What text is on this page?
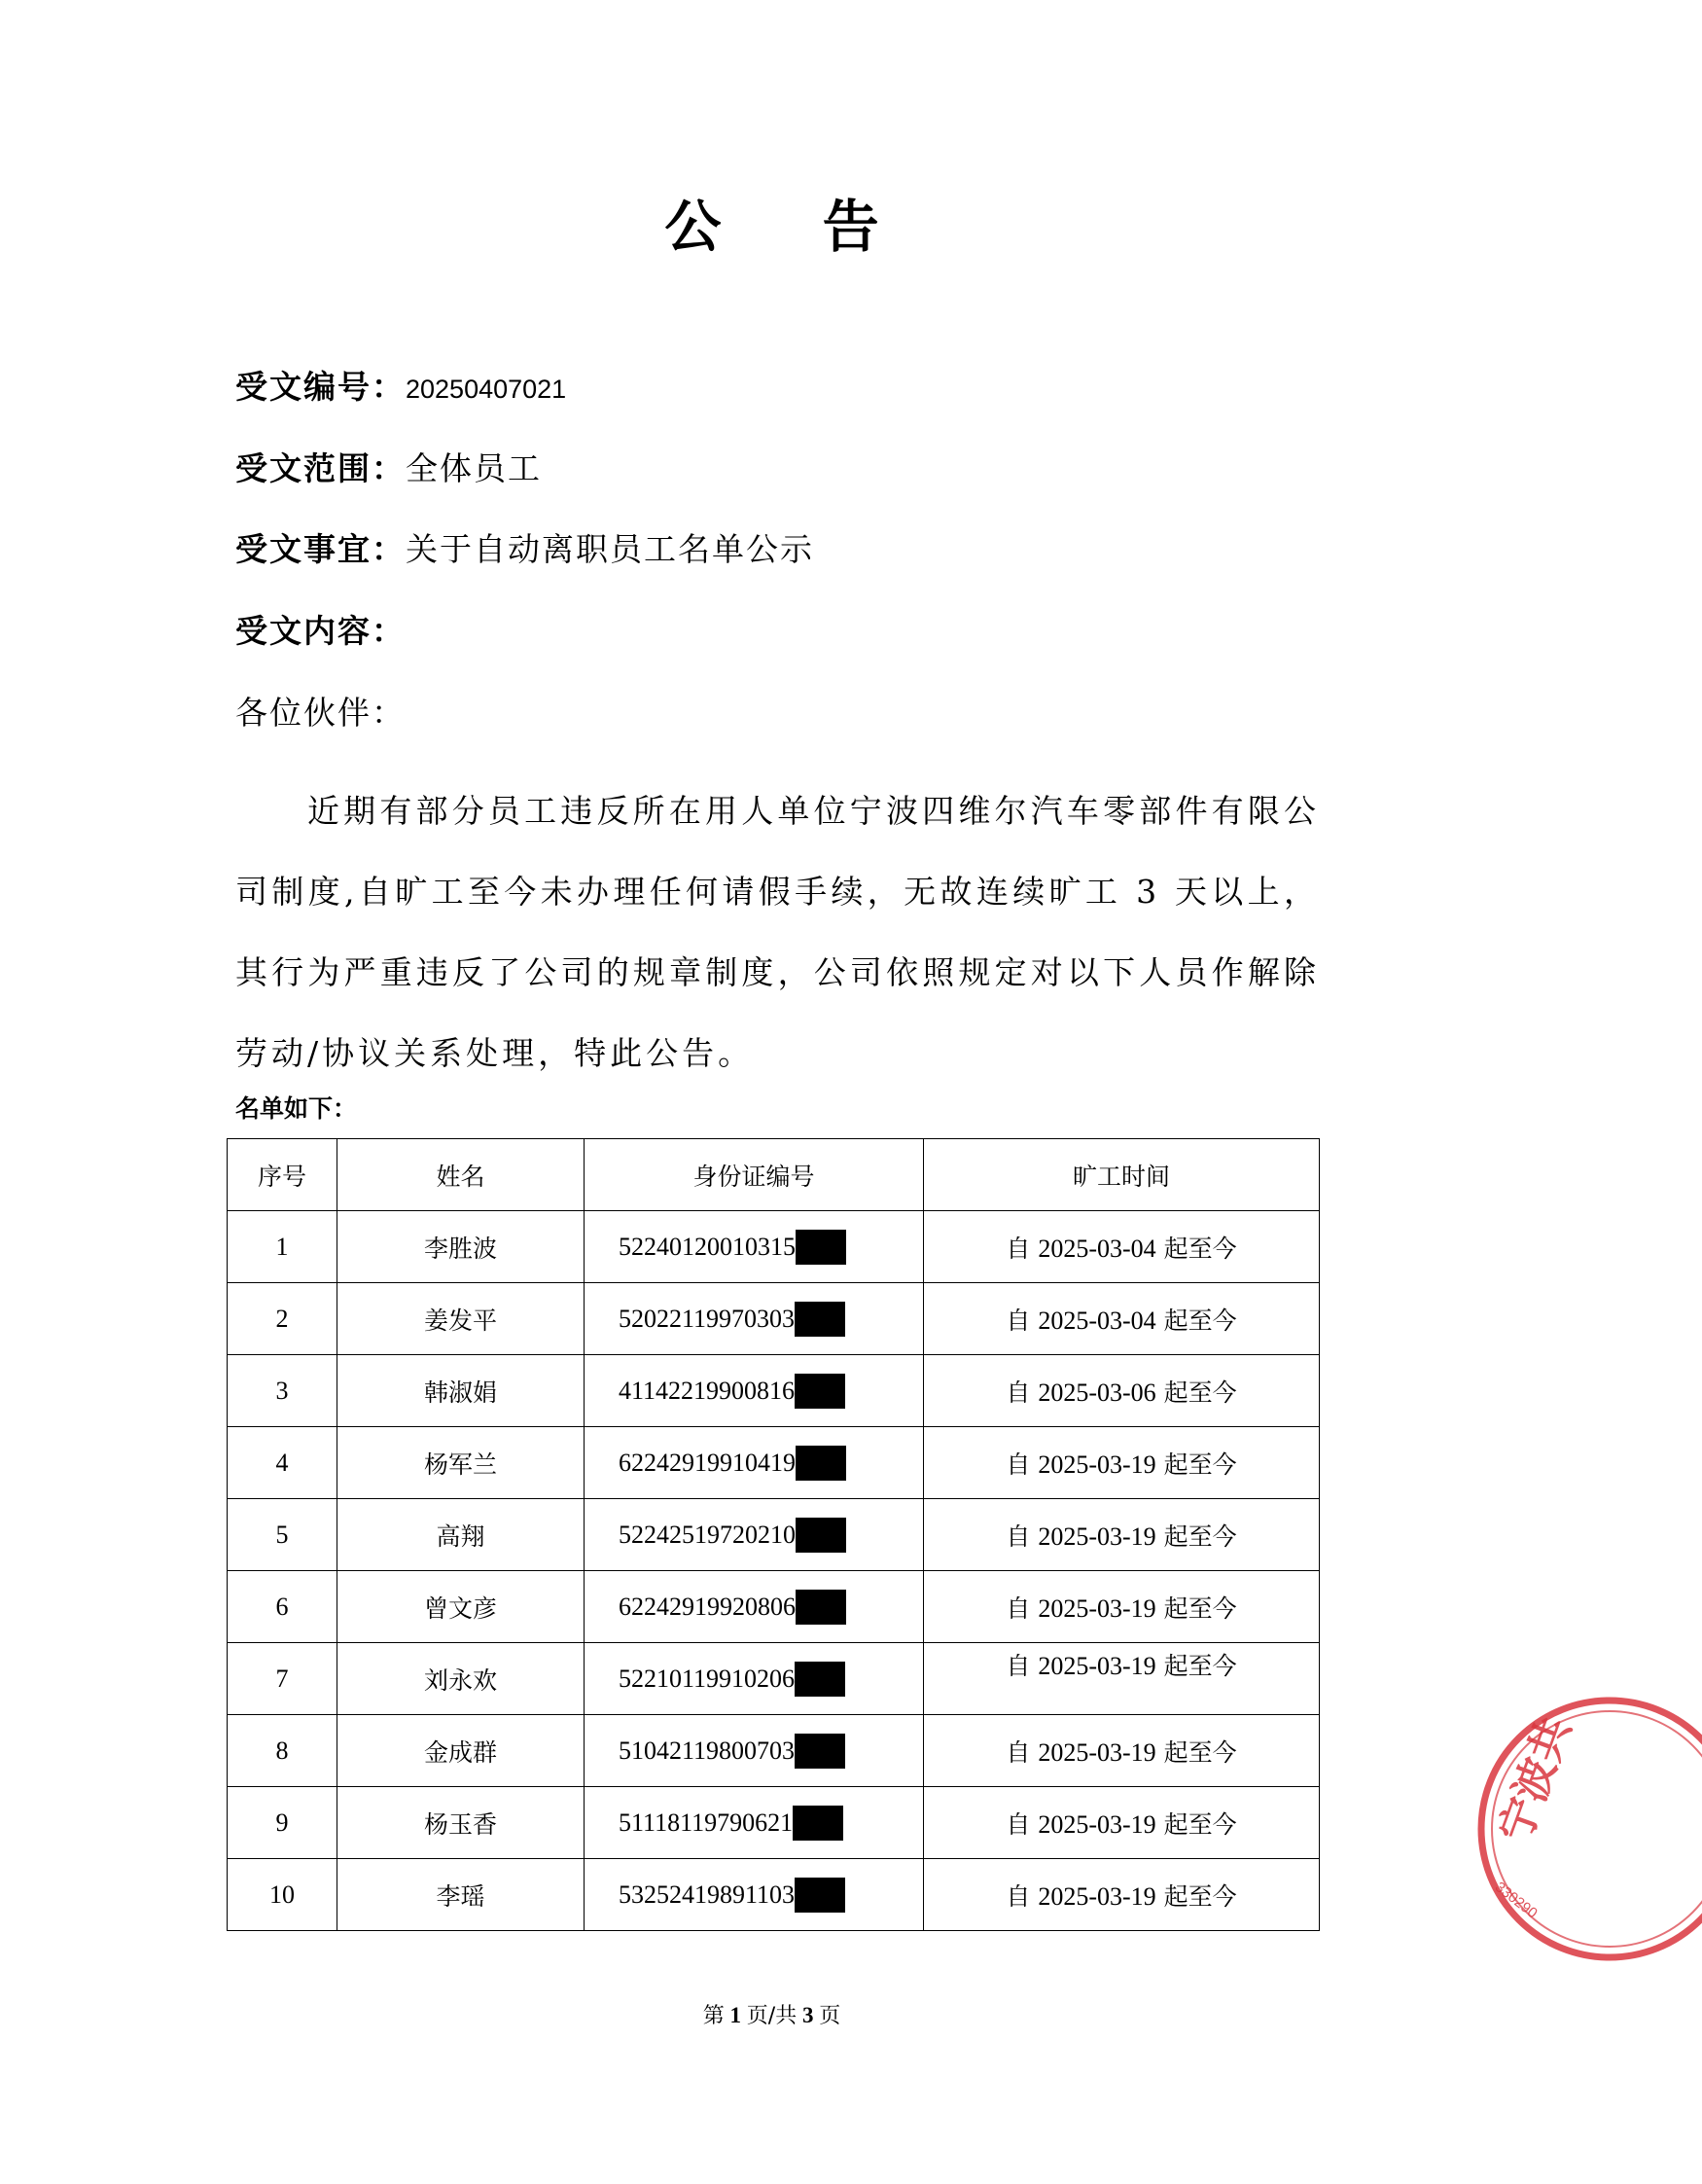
公 告
受文编号：20250407021
受文范围：全体员工
受文事宜：关于自动离职员工名单公示
受文内容：
各位伙伴：

近期有部分员工违反所在用人单位宁波四维尔汽车零部件有限公司制度,自旷工至今未办理任何请假手续，无故连续旷工 3 天以上，其行为严重违反了公司的规章制度，公司依照规定对以下人员作解除劳动/协议关系处理，特此公告。

名单如下：
序号	姓名	身份证编号	旷工时间
1	李胜波	52240120010315	自 2025-03-04 起至今
2	姜发平	52022119970303	自 2025-03-04 起至今
3	韩淑娟	41142219900816	自 2025-03-06 起至今
4	杨军兰	62242919910419	自 2025-03-19 起至今
5	高翔	52242519720210	自 2025-03-19 起至今
6	曾文彦	62242919920806	自 2025-03-19 起至今
7	刘永欢	52210119910206	自 2025-03-19 起至今
8	金成群	51042119800703	自 2025-03-19 起至今
9	杨玉香	51118119790621	自 2025-03-19 起至今
10	李瑶	53252419891103	自 2025-03-19 起至今
第 1 页/共 3 页
宁波共
330290
